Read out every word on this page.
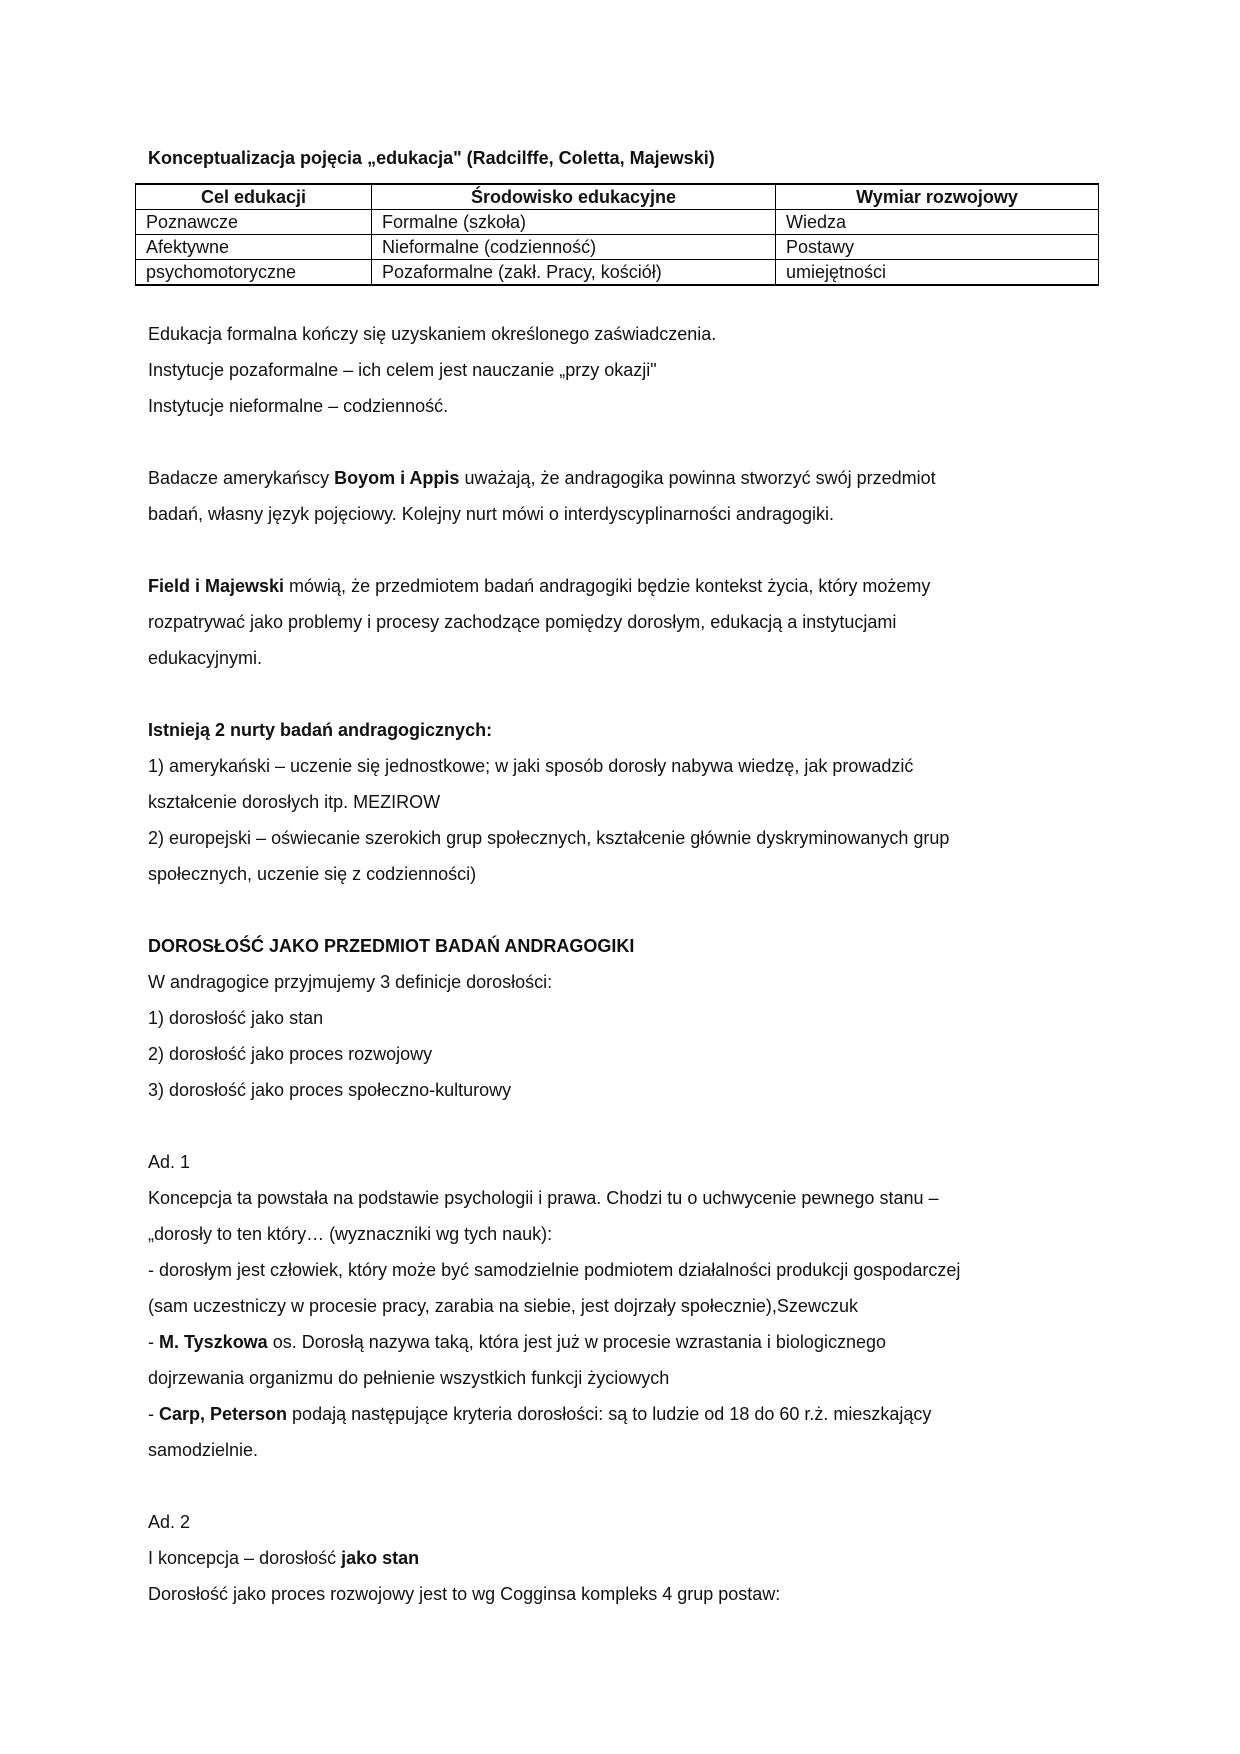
Konceptualizacja pojęcia „edukacja" (Radcilffe, Coletta, Majewski)
Cel edukacji	Środowisko edukacyjne	Wymiar rozwojowy
Poznawcze	Formalne (szkoła)	Wiedza
Afektywne	Nieformalne (codzienność)	Postawy
psychomotoryczne	Pozaformalne (zakł. Pracy, kościół)	umiejętności

Edukacja formalna kończy się uzyskaniem określonego zaświadczenia.

Instytucje pozaformalne – ich celem jest nauczanie „przy okazji"

Instytucje nieformalne – codzienność.

Badacze amerykańscy Boyom i Appis uważają, że andragogika powinna stworzyć swój przedmiot

badań, własny język pojęciowy. Kolejny nurt mówi o interdyscyplinarności andragogiki.

Field i Majewski mówią, że przedmiotem badań andragogiki będzie kontekst życia, który możemy

rozpatrywać jako problemy i procesy zachodzące pomiędzy dorosłym, edukacją a instytucjami

edukacyjnymi.

Istnieją 2 nurty badań andragogicznych:

1) amerykański – uczenie się jednostkowe; w jaki sposób dorosły nabywa wiedzę, jak prowadzić

kształcenie dorosłych itp. MEZIROW

2) europejski – oświecanie szerokich grup społecznych, kształcenie głównie dyskryminowanych grup

społecznych, uczenie się z codzienności)

DOROSŁOŚĆ JAKO PRZEDMIOT BADAŃ ANDRAGOGIKI

W andragogice przyjmujemy 3 definicje dorosłości:

1) dorosłość jako stan

2) dorosłość jako proces rozwojowy

3) dorosłość jako proces społeczno-kulturowy

Ad. 1

Koncepcja ta powstała na podstawie psychologii i prawa. Chodzi tu o uchwycenie pewnego stanu –

„dorosły to ten który… (wyznaczniki wg tych nauk):

- dorosłym jest człowiek, który może być samodzielnie podmiotem działalności produkcji gospodarczej

(sam uczestniczy w procesie pracy, zarabia na siebie, jest dojrzały społecznie),Szewczuk

- M. Tyszkowa os. Dorosłą nazywa taką, która jest już w procesie wzrastania i biologicznego

dojrzewania organizmu do pełnienie wszystkich funkcji życiowych

- Carp, Peterson podają następujące kryteria dorosłości: są to ludzie od 18 do 60 r.ż. mieszkający

samodzielnie.

Ad. 2

I koncepcja – dorosłość jako stan

Dorosłość jako proces rozwojowy jest to wg Cogginsa kompleks 4 grup postaw:
